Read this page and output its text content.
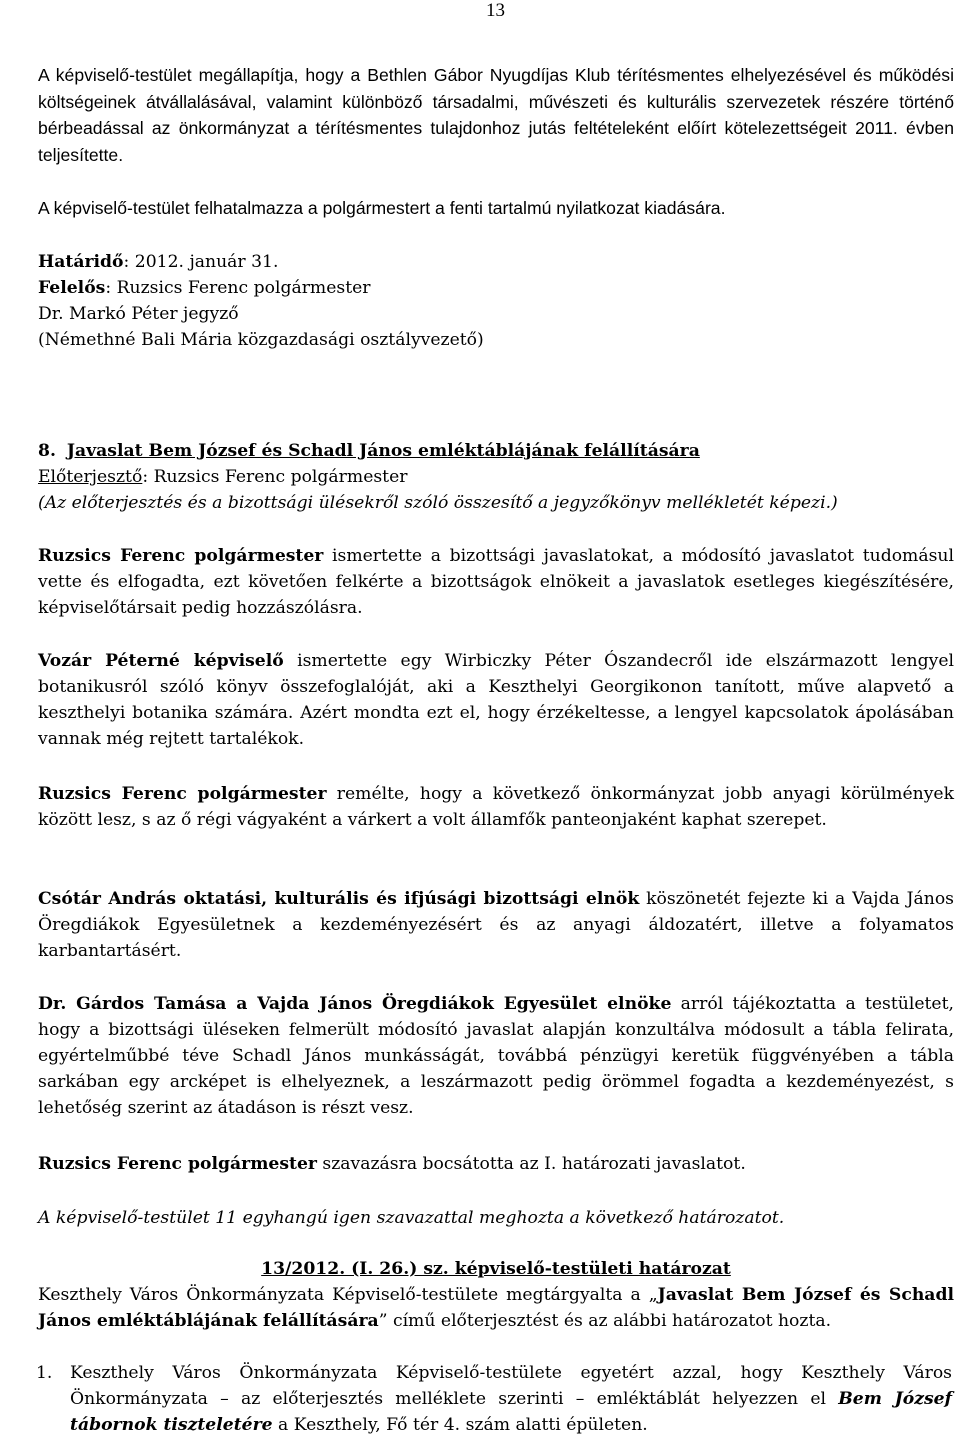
13
A képviselő-testület megállapítja, hogy a Bethlen Gábor Nyugdíjas Klub térítésmentes elhelyezésével és működési költségeinek átvállalásával, valamint különböző társadalmi, művészeti és kulturális szervezetek részére történő bérbeadással az önkormányzat a térítésmentes tulajdonhoz jutás feltételeként előírt kötelezettségeit 2011. évben teljesítette.
A képviselő-testület felhatalmazza a polgármestert a fenti tartalmú nyilatkozat kiadására.
Határidő: 2012. január 31.
Felelős: Ruzsics Ferenc polgármester
Dr. Markó Péter jegyző
(Némethné Bali Mária közgazdasági osztályvezető)
8. Javaslat Bem József és Schadl János emléktáblájának felállítására
Előterjesztő: Ruzsics Ferenc polgármester
(Az előterjesztés és a bizottsági ülésekről szóló összesítő a jegyzőkönyv mellékletét képezi.)
Ruzsics Ferenc polgármester ismertette a bizottsági javaslatokat, a módosító javaslatot tudomásul vette és elfogadta, ezt követően felkérte a bizottságok elnökeit a javaslatok esetleges kiegészítésére, képviselőtársait pedig hozzászólásra.
Vozár Péterné képviselő ismertette egy Wirbiczky Péter Ószandecről ide elszármazott lengyel botanikusról szóló könyv összefoglalóját, aki a Keszthelyi Georgikonon tanított, műve alapvető a keszthelyi botanika számára. Azért mondta ezt el, hogy érzékeltesse, a lengyel kapcsolatok ápolásában vannak még rejtett tartalékok.
Ruzsics Ferenc polgármester remélte, hogy a következő önkormányzat jobb anyagi körülmények között lesz, s az ő régi vágyaként a várkert a volt államfők panteonjaként kaphat szerepet.
Csótár András oktatási, kulturális és ifjúsági bizottsági elnök köszönetét fejezte ki a Vajda János Öregdiákok Egyesületnek a kezdeményezésért és az anyagi áldozatért, illetve a folyamatos karbantartásért.
Dr. Gárdos Tamása a Vajda János Öregdiákok Egyesület elnöke arról tájékoztatta a testületet, hogy a bizottsági üléseken felmerült módosító javaslat alapján konzultálva módosult a tábla felirata, egyértelműbbé téve Schadl János munkásságát, továbbá pénzügyi keretük függvényében a tábla sarkában egy arcképet is elhelyeznek, a leszármazott pedig örömmel fogadta a kezdeményezést, s lehetőség szerint az átadáson is részt vesz.
Ruzsics Ferenc polgármester szavazásra bocsátotta az I. határozati javaslatot.
A képviselő-testület 11 egyhangú igen szavazattal meghozta a következő határozatot.
13/2012. (I. 26.) sz. képviselő-testületi határozat
Keszthely Város Önkormányzata Képviselő-testülete megtárgyalta a „Javaslat Bem József és Schadl János emléktáblájának felállítására” című előterjesztést és az alábbi határozatot hozta.
1.	Keszthely Város Önkormányzata Képviselő-testülete egyetért azzal, hogy Keszthely Város Önkormányzata – az előterjesztés melléklete szerinti – emléktáblát helyezzen el Bem József tábornok tiszteletére a Keszthely, Fő tér 4. szám alatti épületen.
